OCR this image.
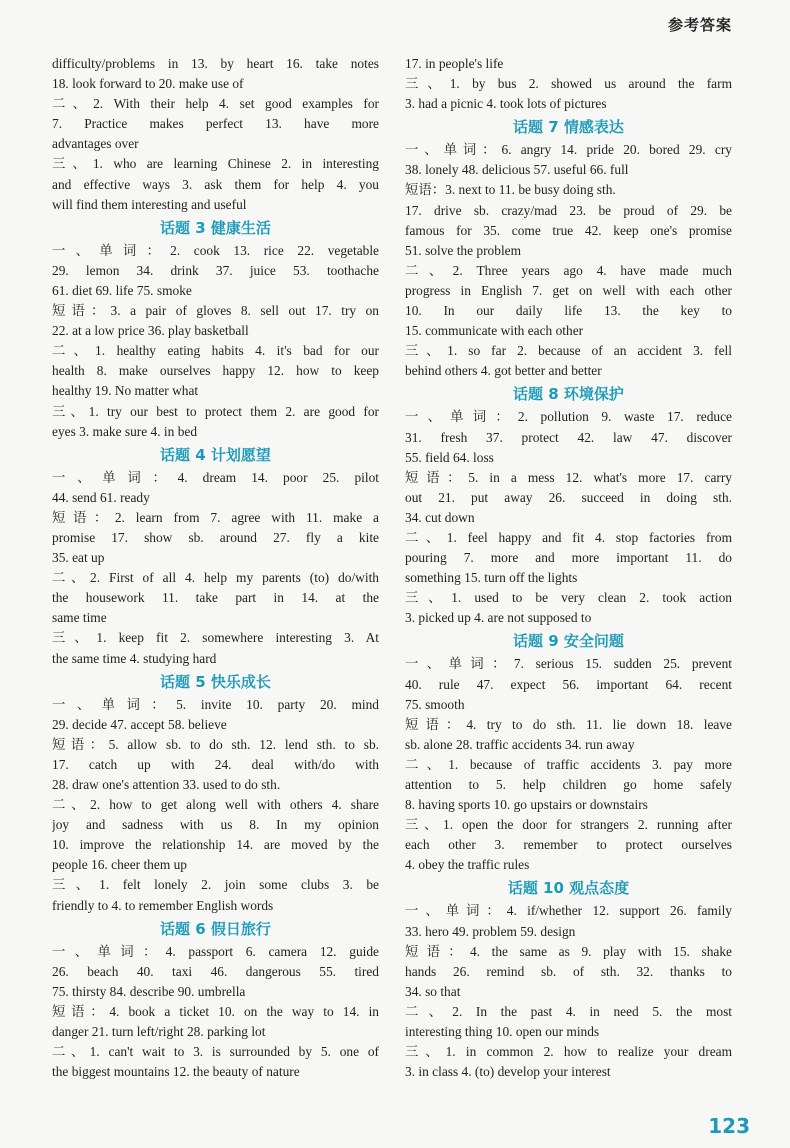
参考答案
difficulty/problems in 13. by heart 16. take notes
18. look forward to 20. make use of
二、2. With their help 4. set good examples for
7. Practice makes perfect 13. have more
advantages over
三、1. who are learning Chinese 2. in interesting
and effective ways 3. ask them for help 4. you
will find them interesting and useful
话题 3 健康生活
一、单词：2. cook 13. rice 22. vegetable
29. lemon 34. drink 37. juice 53. toothache
61. diet 69. life 75. smoke
短语：3. a pair of gloves 8. sell out 17. try on
22. at a low price 36. play basketball
二、1. healthy eating habits 4. it's bad for our
health 8. make ourselves happy 12. how to keep
healthy 19. No matter what
三、1. try our best to protect them 2. are good for
eyes 3. make sure 4. in bed
话题 4 计划愿望
一、单词：4. dream 14. poor 25. pilot
44. send 61. ready
短语：2. learn from 7. agree with 11. make a
promise 17. show sb. around 27. fly a kite
35. eat up
二、2. First of all 4. help my parents (to) do/with
the housework 11. take part in 14. at the
same time
三、1. keep fit 2. somewhere interesting 3. At
the same time 4. studying hard
话题 5 快乐成长
一、单词：5. invite 10. party 20. mind
29. decide 47. accept 58. believe
短语：5. allow sb. to do sth. 12. lend sth. to sb.
17. catch up with 24. deal with/do with
28. draw one's attention 33. used to do sth.
二、2. how to get along well with others 4. share
joy and sadness with us 8. In my opinion
10. improve the relationship 14. are moved by the
people 16. cheer them up
三、1. felt lonely 2. join some clubs 3. be
friendly to 4. to remember English words
话题 6 假日旅行
一、单词：4. passport 6. camera 12. guide
26. beach 40. taxi 46. dangerous 55. tired
75. thirsty 84. describe 90. umbrella
短语：4. book a ticket 10. on the way to 14. in
danger 21. turn left/right 28. parking lot
二、1. can't wait to 3. is surrounded by 5. one of
the biggest mountains 12. the beauty of nature
17. in people's life
三、1. by bus 2. showed us around the farm
3. had a picnic 4. took lots of pictures
话题 7 情感表达
一、单词：6. angry 14. pride 20. bored 29. cry
38. lonely 48. delicious 57. useful 66. full
短语：3. next to 11. be busy doing sth.
17. drive sb. crazy/mad 23. be proud of 29. be
famous for 35. come true 42. keep one's promise
51. solve the problem
二、2. Three years ago 4. have made much
progress in English 7. get on well with each other
10. In our daily life 13. the key to
15. communicate with each other
三、1. so far 2. because of an accident 3. fell
behind others 4. got better and better
话题 8 环境保护
一、单词：2. pollution 9. waste 17. reduce
31. fresh 37. protect 42. law 47. discover
55. field 64. loss
短语：5. in a mess 12. what's more 17. carry
out 21. put away 26. succeed in doing sth.
34. cut down
二、1. feel happy and fit 4. stop factories from
pouring 7. more and more important 11. do
something 15. turn off the lights
三、1. used to be very clean 2. took action
3. picked up 4. are not supposed to
话题 9 安全问题
一、单词：7. serious 15. sudden 25. prevent
40. rule 47. expect 56. important 64. recent
75. smooth
短语：4. try to do sth. 11. lie down 18. leave
sb. alone 28. traffic accidents 34. run away
二、1. because of traffic accidents 3. pay more
attention to 5. help children go home safely
8. having sports 10. go upstairs or downstairs
三、1. open the door for strangers 2. running after
each other 3. remember to protect ourselves
4. obey the traffic rules
话题 10 观点态度
一、单词：4. if/whether 12. support 26. family
33. hero 49. problem 59. design
短语：4. the same as 9. play with 15. shake
hands 26. remind sb. of sth. 32. thanks to
34. so that
二、2. In the past 4. in need 5. the most
interesting thing 10. open our minds
三、1. in common 2. how to realize your dream
3. in class 4. (to) develop your interest
123
